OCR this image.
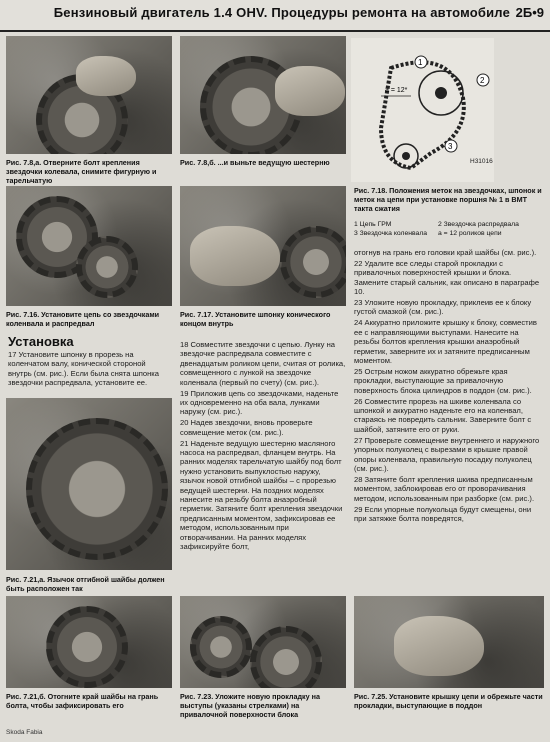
Бензиновый двигатель 1.4 OHV. Процедуры ремонта на автомобиле 2Б•9
Рис. 7.8,а. Отверните болт крепления звездочки колевала, снимите фигурную и тарельчатую
Рис. 7.8,б. ...и выньте ведущую шестерню
1
2
3
a = 12*
H31016
Рис. 7.18. Положения меток на звездочках, шпонок и меток на цепи при установке поршня № 1 в ВМТ такта сжатия
1 Цепь ГРМ	2 Звездочка распредвала 3 Звездочка коленвала a = 12 роликов цепи
Рис. 7.16. Установите цепь со звездочками коленвала и распредвал
Рис. 7.17. Установите шпонку конического концом внутрь
Установка

17 Установите шпонку в прорезь на коленчатом валу, конической стороной внутрь (см. рис.). Если была снята шпонка звездочки распредвала, установите ее.

Рис. 7.21,а. Язычок отгибной шайбы должен быть расположен так

18 Совместите звездочки с цепью. Лунку на звездочке распредвала совместите с двенадцатым роликом цепи, считая от ролика, совмещенного с лункой на звездочке коленвала (первый по счету) (см. рис.).

19 Приложив цепь со звездочками, наденьте их одновременно на оба вала, лунками наружу (см. рис.).

20 Надев звездочки, вновь проверьте совмещение меток (см. рис.).

21 Наденьте ведущую шестерню масляного насоса на распредвал, фланцем внутрь. На ранних моделях тарельчатую шайбу под болт нужно установить выпуклостью наружу, язычок новой отгибной шайбы – с прорезью ведущей шестерни. На поздних моделях нанесите на резьбу болта анаэробный герметик. Затяните болт крепления звездочки предписанным моментом, зафиксировав ее методом, использованным при отворачивании. На ранних моделях зафиксируйте болт,

отогнув на грань его головки край шайбы (см. рис.).

22 Удалите все следы старой прокладки с привалочных поверхностей крышки и блока. Замените старый сальник, как описано в параграфе 10.

23 Уложите новую прокладку, приклеив ее к блоку густой смазкой (см. рис.).

24 Аккуратно приложите крышку к блоку, совместив ее с направляющими выступами. Нанесите на резьбы болтов крепления крышки анаэробный герметик, заверните их и затяните предписанным моментом.

25 Острым ножом аккуратно обрежьте края прокладки, выступающие за привалочную поверхность блока цилиндров в поддон (см. рис.).

26 Совместите прорезь на шкиве коленвала со шпонкой и аккуратно наденьте его на коленвал, стараясь не повредить сальник. Заверните болт с шайбой, затяните его от руки.

27 Проверьте совмещение внутреннего и наружного упорных полуколец с вырезами в крышке правой опоры коленвала, правильную посадку полуколец (см. рис.).

28 Затяните болт крепления шкива предписанным моментом, заблокировав его от проворачивания методом, использованным при разборке (см. рис.).

29 Если упорные полукольца будут смещены, они при затяжке болта повредятся,

Рис. 7.21,б. Отогните край шайбы на грань болта, чтобы зафиксировать его
Рис. 7.23. Уложите новую прокладку на выступы (указаны стрелками) на привалочной поверхности блока
Рис. 7.25. Установите крышку цепи и обрежьте части прокладки, выступающие в поддон
Skoda Fabia
